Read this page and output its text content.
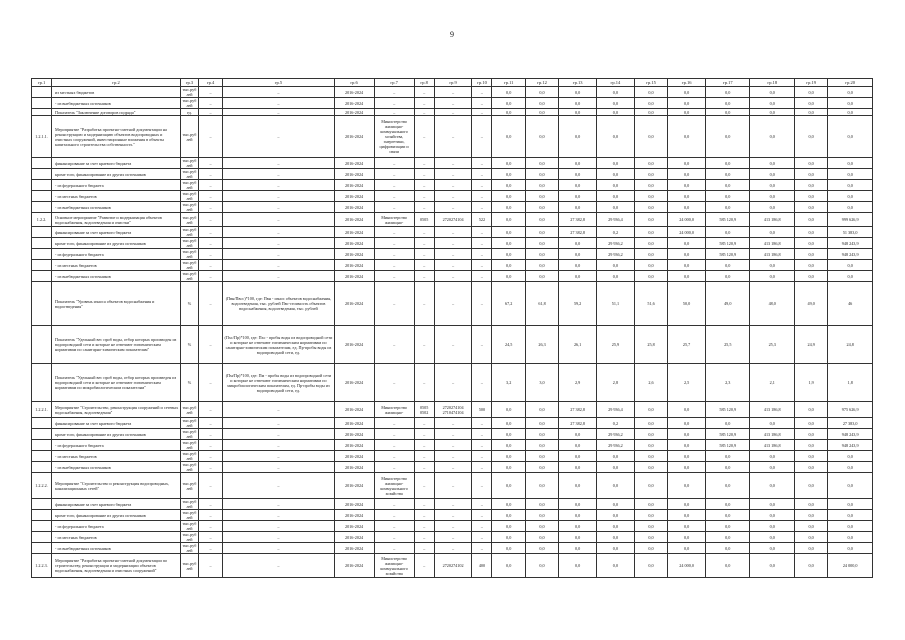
9
гр.1	гр.2	гр.3	гр.4	гр.5	гр.6	гр.7	гр.8	гр.9	гр.10	гр.11	гр.12	гр.13	гр.14	гр.15	гр.16	гр.17	гр.18	гр.19	гр.20
	из местных бюджетов	тыс.руб лей	–	–	2016-2024	–	–	–	–	0,0	0,0	0,0	0,0	0,0	0,0	0,0	0,0	0,0	0,0
	- из внебюджетных источников	тыс.руб лей	–	–	2016-2024	–	–	–	–	0,0	0,0	0,0	0,0	0,0	0,0	0,0	0,0	0,0	0,0
	Показатель "Заключение договоров подряда"	ед.	–	–	2016-2024	–	–	–	–	0,0	0,0	0,0	0,0	0,0	0,0	0,0	0,0	0,0	0,0
1.2.1.1.	Мероприятие "Разработка проектно-сметной документации на реконструкцию и модернизацию объектов водопроводных и очистных сооружений, инвестиционные вложения в объекты капитального строительства собственность "	тыс.руб лей	–	–	2016-2024	Министерство жилищно-коммунального хозяйства, энергетики, цифровизации и связи	–	–	–	0,0	0,0	0,0	0,0	0,0	0,0	0,0	0,0	0,0	0,0
	финансирование за счет краевого бюджета	тыс.руб лей	–	–	2016-2024	–	–	–	–	0,0	0,0	0,0	0,0	0,0	0,0	0,0	0,0	0,0	0,0
	кроме того, финансирование из других источников	тыс.руб лей	–	–	2016-2024	–	–	–	–	0,0	0,0	0,0	0,0	0,0	0,0	0,0	0,0	0,0	0,0
	- из федерального бюджета	тыс.руб лей	–	–	2016-2024	–	–	–	–	0,0	0,0	0,0	0,0	0,0	0,0	0,0	0,0	0,0	0,0
	- из местных бюджетов	тыс.руб лей	–	–	2016-2024	–	–	–	–	0,0	0,0	0,0	0,0	0,0	0,0	0,0	0,0	0,0	0,0
	- из внебюджетных источников	тыс.руб лей	–	–	2016-2024	–	–	–	–	0,0	0,0	0,0	0,0	0,0	0,0	0,0	0,0	0,0	0,0
1.2.2.	Основное мероприятие "Развитие и модернизация объектов водоснабжения, водоотведения и очистки"	тыс.руб лей	–	–	2016-2024	Министерство жилищно-	0505	2720274104	522	0,0	0,0	27 382,8	29 936,4	0,0	24 000,0	585 120,9	413 186,8	0,0	999 626,9
	финансирование за счет краевого бюджета	тыс.руб лей	–	–	2016-2024	–	–	–	–	0,0	0,0	27 382,8	0,2	0,0	24 000,0	0,0	0,0	0,0	51 383,0
	кроме того, финансирование из других источников	тыс.руб лей	–	–	2016-2024	–	–	–	–	0,0	0,0	0,0	29 936,2	0,0	0,0	585 120,9	413 186,8	0,0	948 243,9
	- из федерального бюджета	тыс.руб лей	–	–	2016-2024	–	–	–	–	0,0	0,0	0,0	29 936,2	0,0	0,0	585 120,9	413 186,8	0,0	948 243,9
	- из местных бюджетов	тыс.руб лей	–	–	2016-2024	–	–	–	–	0,0	0,0	0,0	0,0	0,0	0,0	0,0	0,0	0,0	0,0
	- из внебюджетных источников	тыс.руб лей	–	–	2016-2024	–	–	–	–	0,0	0,0	0,0	0,0	0,0	0,0	0,0	0,0	0,0	0,0
	Показатель "Уровень износа объектов водоснабжения и водоотведения"	%	–	(Пвн/Пвсс)*100, где: Пвн - износ объектов водоснабжения, водоотведения, тыс. рублей Пвс-стоимость объектов водоснабжения, водоотведения, тыс. рублей	2016-2024	–	–	–	–	67,2	61,8	59,2	51,1	51,6	50,0	49,0	48,0	49,0	46
	Показатель "Удельный вес проб воды, отбор которых производен из водопроводной сети и которые не отвечают гигиеническим нормативам по санитарно-химическим показателям"	%	–	(Пхс/Пр)*100, где: Пхс - пробы воды из водопроводной сети и которые не отвечают гигиеническим нормативам по санитарно-химическим показателям, ед. Пр-пробы воды из водопроводной сети, ед.	2016-2024	–	–	–	–	24,5	26,3	26,1	25,9	25,8	25,7	25,5	25,3	24,9	24,8
	Показатель "Удельный вес проб воды, отбор которых произведен из водопроводной сети и которые не отвечают гигиеническим нормативам по микробиологическим показателям"	%	–	(Пм/Пр)*100, где: Пм - пробы воды из водопроводной сети и которые не отвечают гигиеническим нормативам по микробиологическим показателям, ед. Пр-пробы воды из водопроводной сети, ед.	2016-2024	–	–	–	–	3,2	3,0	2,9	2,8	2,6	2,5	2,3	2,1	1,9	1,8
1.2.2.1.	Мероприятие "Строительство, реконструкция сооружений и сетевых водоснабжения, водоотведения"	тыс.руб лей	–	–	2016-2024	Министерство жилищно-	0505 0502	2720274104 2710474104	500	0,0	0,0	27 382,8	29 936,4	0,0	0,0	585 120,9	413 186,8	0,0	975 626,9
	финансирование за счет краевого бюджета	тыс.руб лей	–	–	2016-2024	–	–	–	–	0,0	0,0	27 382,8	0,2	0,0	0,0	0,0	0,0	0,0	27 383,0
	кроме того, финансирование из других источников	тыс.руб лей	–	–	2016-2024	–	–	–	–	0,0	0,0	0,0	29 936,2	0,0	0,0	585 120,9	413 186,8	0,0	948 243,9
	- из федерального бюджета	тыс.руб лей	–	–	2016-2024	–	–	–	–	0,0	0,0	0,0	29 936,2	0,0	0,0	585 120,9	413 186,8	0,0	948 243,9
	- из местных бюджетов	тыс.руб лей	–	–	2016-2024	–	–	–	–	0,0	0,0	0,0	0,0	0,0	0,0	0,0	0,0	0,0	0,0
	- из внебюджетных источников	тыс.руб лей	–	–	2016-2024	–	–	–	–	0,0	0,0	0,0	0,0	0,0	0,0	0,0	0,0	0,0	0,0
1.2.2.2.	Мероприятие "Строительство и реконструкция водопроводных, канализационных сетей"	тыс.руб лей	–	–	2016-2024	Министерство жилищно-коммунального хозяйства	–	–	–	0,0	0,0	0,0	0,0	0,0	0,0	0,0	0,0	0,0	0,0
	финансирование за счет краевого бюджета	тыс.руб лей	–	–	2016-2024	–	–	–	–	0,0	0,0	0,0	0,0	0,0	0,0	0,0	0,0	0,0	0,0
	кроме того, финансирование из других источников	тыс.руб лей	–	–	2016-2024	–	–	–	–	0,0	0,0	0,0	0,0	0,0	0,0	0,0	0,0	0,0	0,0
	- из федерального бюджета	тыс.руб лей	–	–	2016-2024	–	–	–	–	0,0	0,0	0,0	0,0	0,0	0,0	0,0	0,0	0,0	0,0
	- из местных бюджетов	тыс.руб лей	–	–	2016-2024	–	–	–	–	0,0	0,0	0,0	0,0	0,0	0,0	0,0	0,0	0,0	0,0
	- из внебюджетных источников	тыс.руб лей	–	–	2016-2024	–	–	–	–	0,0	0,0	0,0	0,0	0,0	0,0	0,0	0,0	0,0	0,0
1.2.2.3.	Мероприятие "Разработка проектно-сметной документации по строительству, реконструкции и модернизации объектов водоснабжения, водоотведения и очистных сооружений"	тыс.руб лей	–	–	2016-2024	Министерство жилищно-коммунального хозяйства	–	2720274102	400	0,0	0,0	0,0	0,0	0,0	24 000,0	0,0	0,0	0,0	24 000,0
